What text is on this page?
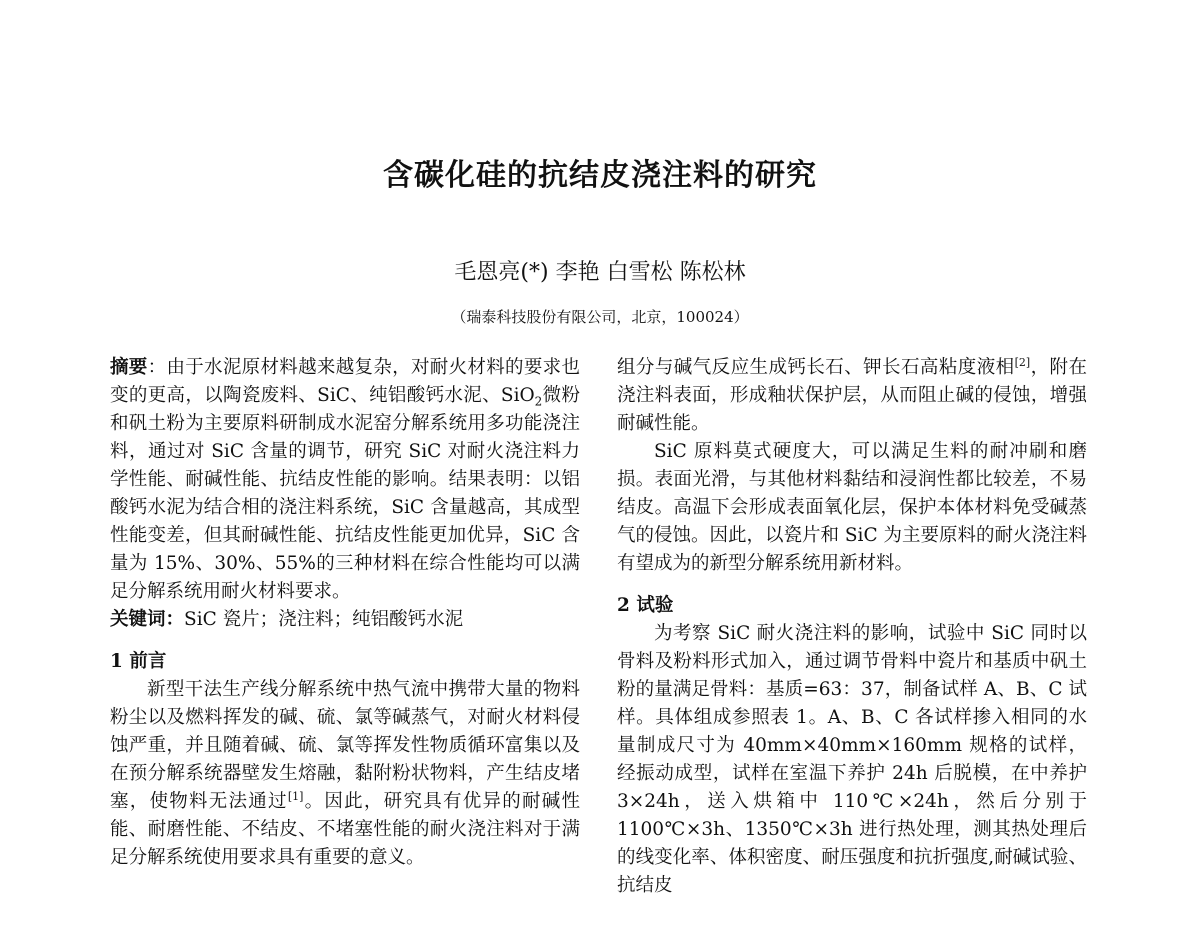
含碳化硅的抗结皮浇注料的研究
毛恩亮(*) 李艳 白雪松 陈松林
（瑞泰科技股份有限公司，北京，100024）

摘要：由于水泥原材料越来越复杂，对耐火材料的要求也变的更高，以陶瓷废料、SiC、纯铝酸钙水泥、SiO$_2$微粉和矾土粉为主要原料研制成水泥窑分解系统用多功能浇注料，通过对 SiC 含量的调节，研究 SiC 对耐火浇注料力学性能、耐碱性能、抗结皮性能的影响。结果表明：以铝酸钙水泥为结合相的浇注料系统，SiC 含量越高，其成型性能变差，但其耐碱性能、抗结皮性能更加优异，SiC 含量为 15%、30%、55%的三种材料在综合性能均可以满足分解系统用耐火材料要求。

关键词：SiC 瓷片；浇注料；纯铝酸钙水泥

1 前言

新型干法生产线分解系统中热气流中携带大量的物料粉尘以及燃料挥发的碱、硫、氯等碱蒸气，对耐火材料侵蚀严重，并且随着碱、硫、氯等挥发性物质循环富集以及在预分解系统器壁发生熔融，黏附粉状物料，产生结皮堵塞，使物料无法通过[1]。因此，研究具有优异的耐碱性能、耐磨性能、不结皮、不堵塞性能的耐火浇注料对于满足分解系统使用要求具有重要的意义。

组分与碱气反应生成钙长石、钾长石高粘度液相[2]，附在浇注料表面，形成釉状保护层，从而阻止碱的侵蚀，增强耐碱性能。

SiC 原料莫式硬度大，可以满足生料的耐冲刷和磨损。表面光滑，与其他材料黏结和浸润性都比较差，不易结皮。高温下会形成表面氧化层，保护本体材料免受碱蒸气的侵蚀。因此，以瓷片和 SiC 为主要原料的耐火浇注料有望成为的新型分解系统用新材料。

2 试验

为考察 SiC 耐火浇注料的影响，试验中 SiC 同时以骨料及粉料形式加入，通过调节骨料中瓷片和基质中矾土粉的量满足骨料：基质=63：37，制备试样 A、B、C 试样。具体组成参照表 1。A、B、C 各试样掺入相同的水量制成尺寸为 40mm×40mm×160mm 规格的试样，经振动成型，试样在室温下养护 24h 后脱模，在中养护 3×24h，送入烘箱中 110℃×24h，然后分别于 1100℃×3h、1350℃×3h 进行热处理，测其热处理后的线变化率、体积密度、耐压强度和抗折强度,耐碱试验、抗结皮
